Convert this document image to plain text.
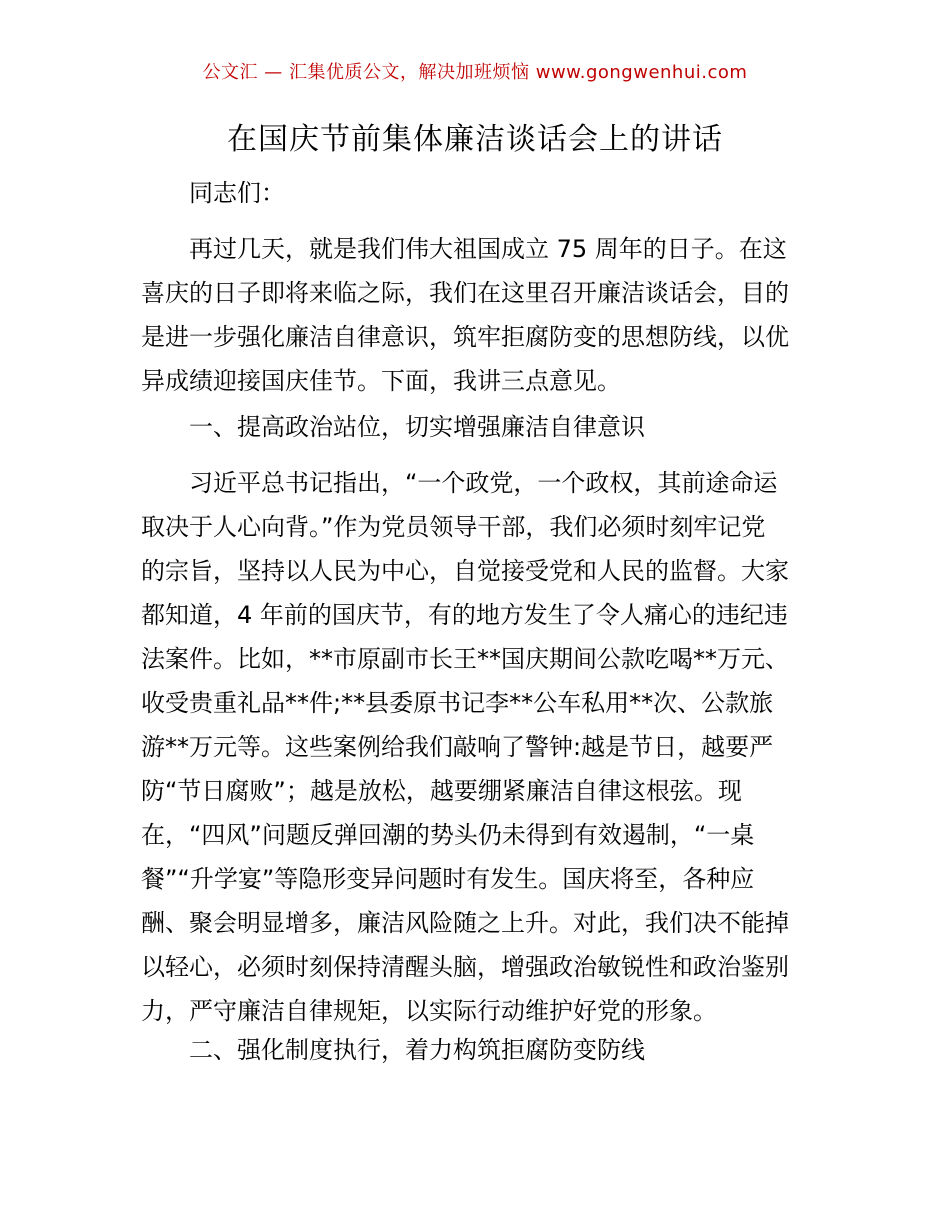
公文汇 — 汇集优质公文，解决加班烦恼 www.gongwenhui.com
在国庆节前集体廉洁谈话会上的讲话
同志们：
再过几天，就是我们伟大祖国成立 75 周年的日子。在这
喜庆的日子即将来临之际，我们在这里召开廉洁谈话会，目的
是进一步强化廉洁自律意识，筑牢拒腐防变的思想防线，以优
异成绩迎接国庆佳节。下面，我讲三点意见。
一、提高政治站位，切实增强廉洁自律意识
习近平总书记指出，“一个政党，一个政权，其前途命运
取决于人心向背。”作为党员领导干部，我们必须时刻牢记党
的宗旨，坚持以人民为中心，自觉接受党和人民的监督。大家
都知道，4 年前的国庆节，有的地方发生了令人痛心的违纪违
法案件。比如，**市原副市长王**国庆期间公款吃喝**万元、
收受贵重礼品**件;**县委原书记李**公车私用**次、公款旅
游**万元等。这些案例给我们敲响了警钟:越是节日，越要严
防“节日腐败”；越是放松，越要绷紧廉洁自律这根弦。现
在，“四风”问题反弹回潮的势头仍未得到有效遏制，“一桌
餐”“升学宴”等隐形变异问题时有发生。国庆将至，各种应
酬、聚会明显增多，廉洁风险随之上升。对此，我们决不能掉
以轻心，必须时刻保持清醒头脑，增强政治敏锐性和政治鉴别
力，严守廉洁自律规矩，以实际行动维护好党的形象。
二、强化制度执行，着力构筑拒腐防变防线
